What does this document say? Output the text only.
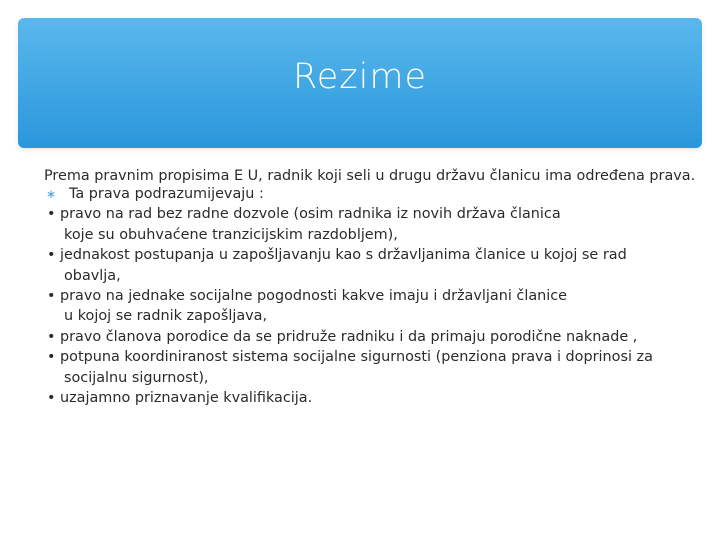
Rezime

Prema pravnim propisima E U, radnik koji seli u drugu državu članicu ima određena prava.

∗ Ta prava podrazumijevaju :
• pravo na rad bez radne dozvole (osim radnika iz novih država članica
koje su obuhvaćene tranzicijskim razdobljem),
• jednakost postupanja u zapošljavanju kao s državljanima članice u kojoj se rad
obavlja,
• pravo na jednake socijalne pogodnosti kakve imaju i državljani članice
u kojoj se radnik zapošljava,
• pravo članova porodice da se pridruže radniku i da primaju porodične naknade ,
• potpuna koordiniranost sistema socijalne sigurnosti (penziona prava i doprinosi za
socijalnu sigurnost),
• uzajamno priznavanje kvalifikacija.
